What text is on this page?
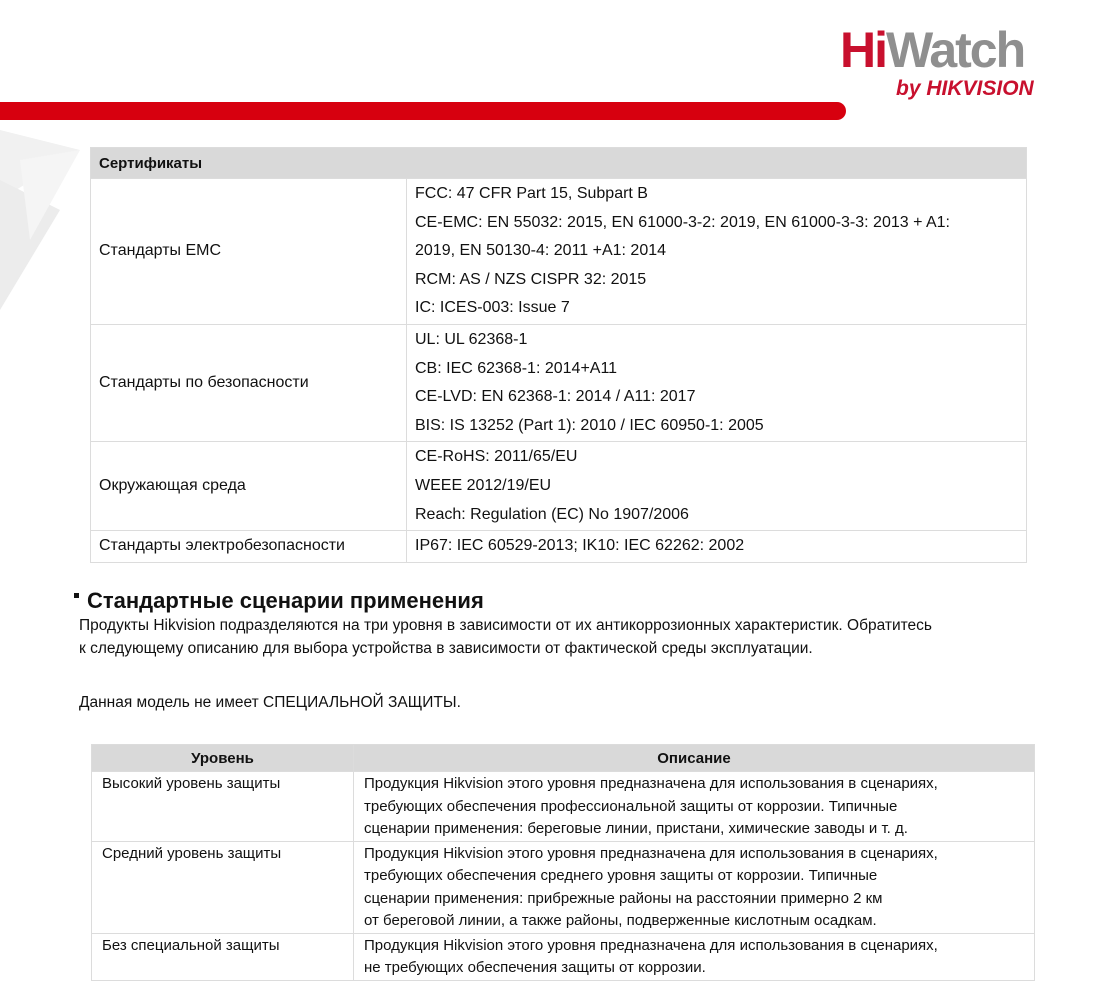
HiWatch
by HIKVISION
Сертификаты	
Стандарты EMC	FCC: 47 CFR Part 15, Subpart B
CE-EMC: EN 55032: 2015, EN 61000-3-2: 2019, EN 61000-3-3: 2013 + A1:
2019, EN 50130-4: 2011 +A1: 2014
RCM: AS / NZS CISPR 32: 2015
IC: ICES-003: Issue 7

Стандарты по безопасности	UL: UL 62368-1
CB: IEC 62368-1: 2014+A11
CE-LVD: EN 62368-1: 2014 / A11: 2017
BIS: IS 13252 (Part 1): 2010 / IEC 60950-1: 2005

Окружающая среда	CE-RoHS: 2011/65/EU
WEEE 2012/19/EU
Reach: Regulation (EC) No 1907/2006

Стандарты электробезопасности	IP67: IEC 60529-2013; IK10: IEC 62262: 2002
Стандартные сценарии применения
Продукты Hikvision подразделяются на три уровня в зависимости от их антикоррозионных характеристик. Обратитесь
к следующему описанию для выбора устройства в зависимости от фактической среды эксплуатации.
Данная модель не имеет СПЕЦИАЛЬНОЙ ЗАЩИТЫ.
Уровень	Описание
Высокий уровень защиты	Продукция Hikvision этого уровня предназначена для использования в сценариях,
требующих обеспечения профессиональной защиты от коррозии. Типичные
сценарии применения: береговые линии, пристани, химические заводы и т. д.

Средний уровень защиты	Продукция Hikvision этого уровня предназначена для использования в сценариях,
требующих обеспечения среднего уровня защиты от коррозии. Типичные
сценарии применения: прибрежные районы на расстоянии примерно 2 км
от береговой линии, а также районы, подверженные кислотным осадкам.

Без специальной защиты	Продукция Hikvision этого уровня предназначена для использования в сценариях,
не требующих обеспечения защиты от коррозии.
